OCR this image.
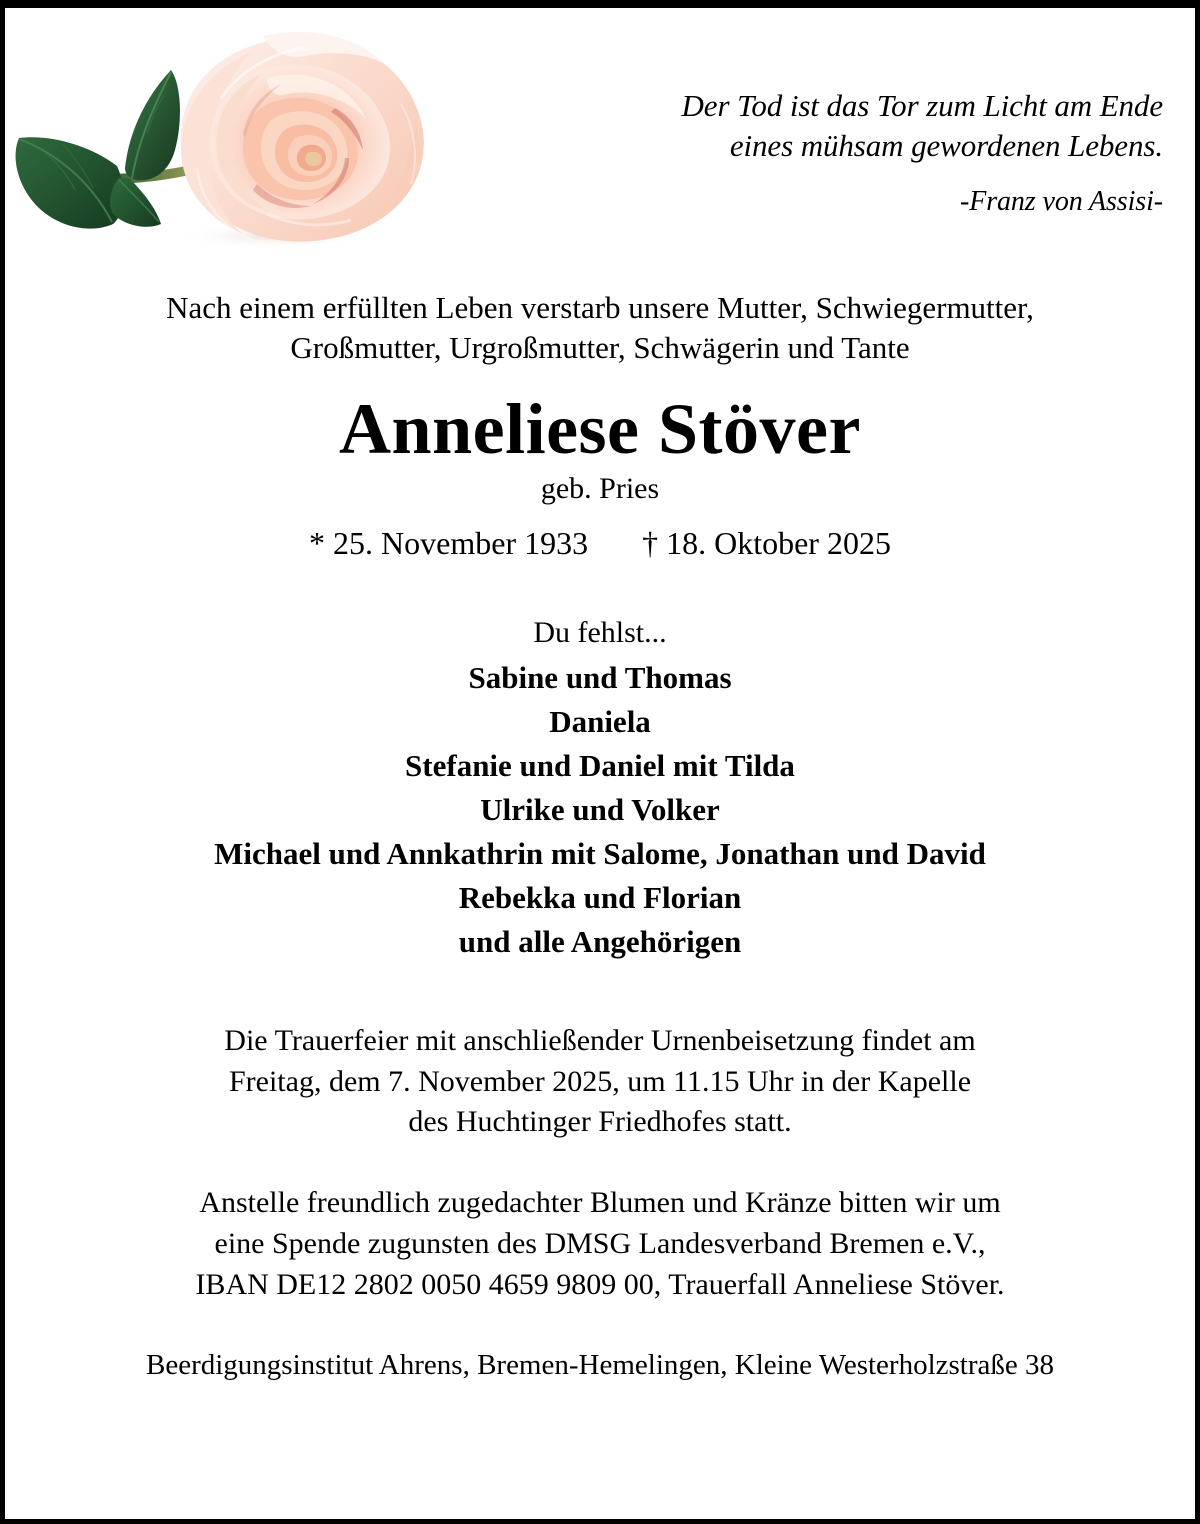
Der Tod ist das Tor zum Licht am Ende
eines mühsam gewordenen Lebens.
-Franz von Assisi-
Nach einem erfüllten Leben verstarb unsere Mutter, Schwiegermutter,
Großmutter, Urgroßmutter, Schwägerin und Tante
Anneliese Stöver
geb. Pries
* 25. November 1933 † 18. Oktober 2025
Du fehlst...
Sabine und Thomas
Daniela
Stefanie und Daniel mit Tilda
Ulrike und Volker
Michael und Annkathrin mit Salome, Jonathan und David
Rebekka und Florian
und alle Angehörigen
Die Trauerfeier mit anschließender Urnenbeisetzung findet am
Freitag, dem 7. November 2025, um 11.15 Uhr in der Kapelle
des Huchtinger Friedhofes statt.
Anstelle freundlich zugedachter Blumen und Kränze bitten wir um
eine Spende zugunsten des DMSG Landesverband Bremen e.V.,
IBAN DE12 2802 0050 4659 9809 00, Trauerfall Anneliese Stöver.
Beerdigungsinstitut Ahrens, Bremen-Hemelingen, Kleine Westerholzstraße 38
